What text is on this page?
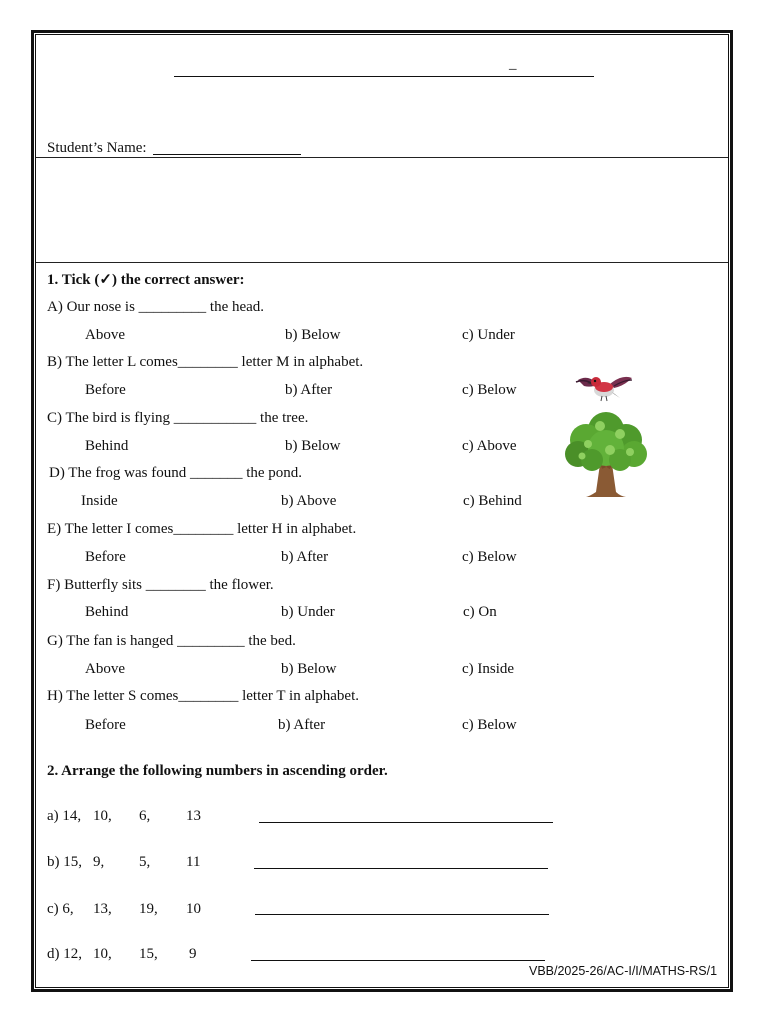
_
Student’s Name:
1. Tick (✓) the correct answer:
A) Our nose is _________ the head.
Above	b) Below	c) Under
B) The letter L comes________ letter M in alphabet.
Before	b) After	c) Below
C) The bird is flying ___________ the tree.
Behind	b) Below	c) Above
D) The frog was found _______ the pond.
Inside	b) Above	c) Behind
E) The letter I comes________ letter H in alphabet.
Before	b) After	c) Below
F) Butterfly sits ________ the flower.
Behind	b) Under	c) On
G) The fan is hanged _________ the bed.
Above	b) Below	c) Inside
H) The letter S comes________ letter T in alphabet.
Before	b) After	c) Below
2. Arrange the following numbers in ascending order.
a) 14, 10, 6, 13
b) 15, 9, 5, 11
c) 6, 13, 19, 10
d) 12, 10, 15, 9
VBB/2025-26/AC-I/I/MATHS-RS/1
